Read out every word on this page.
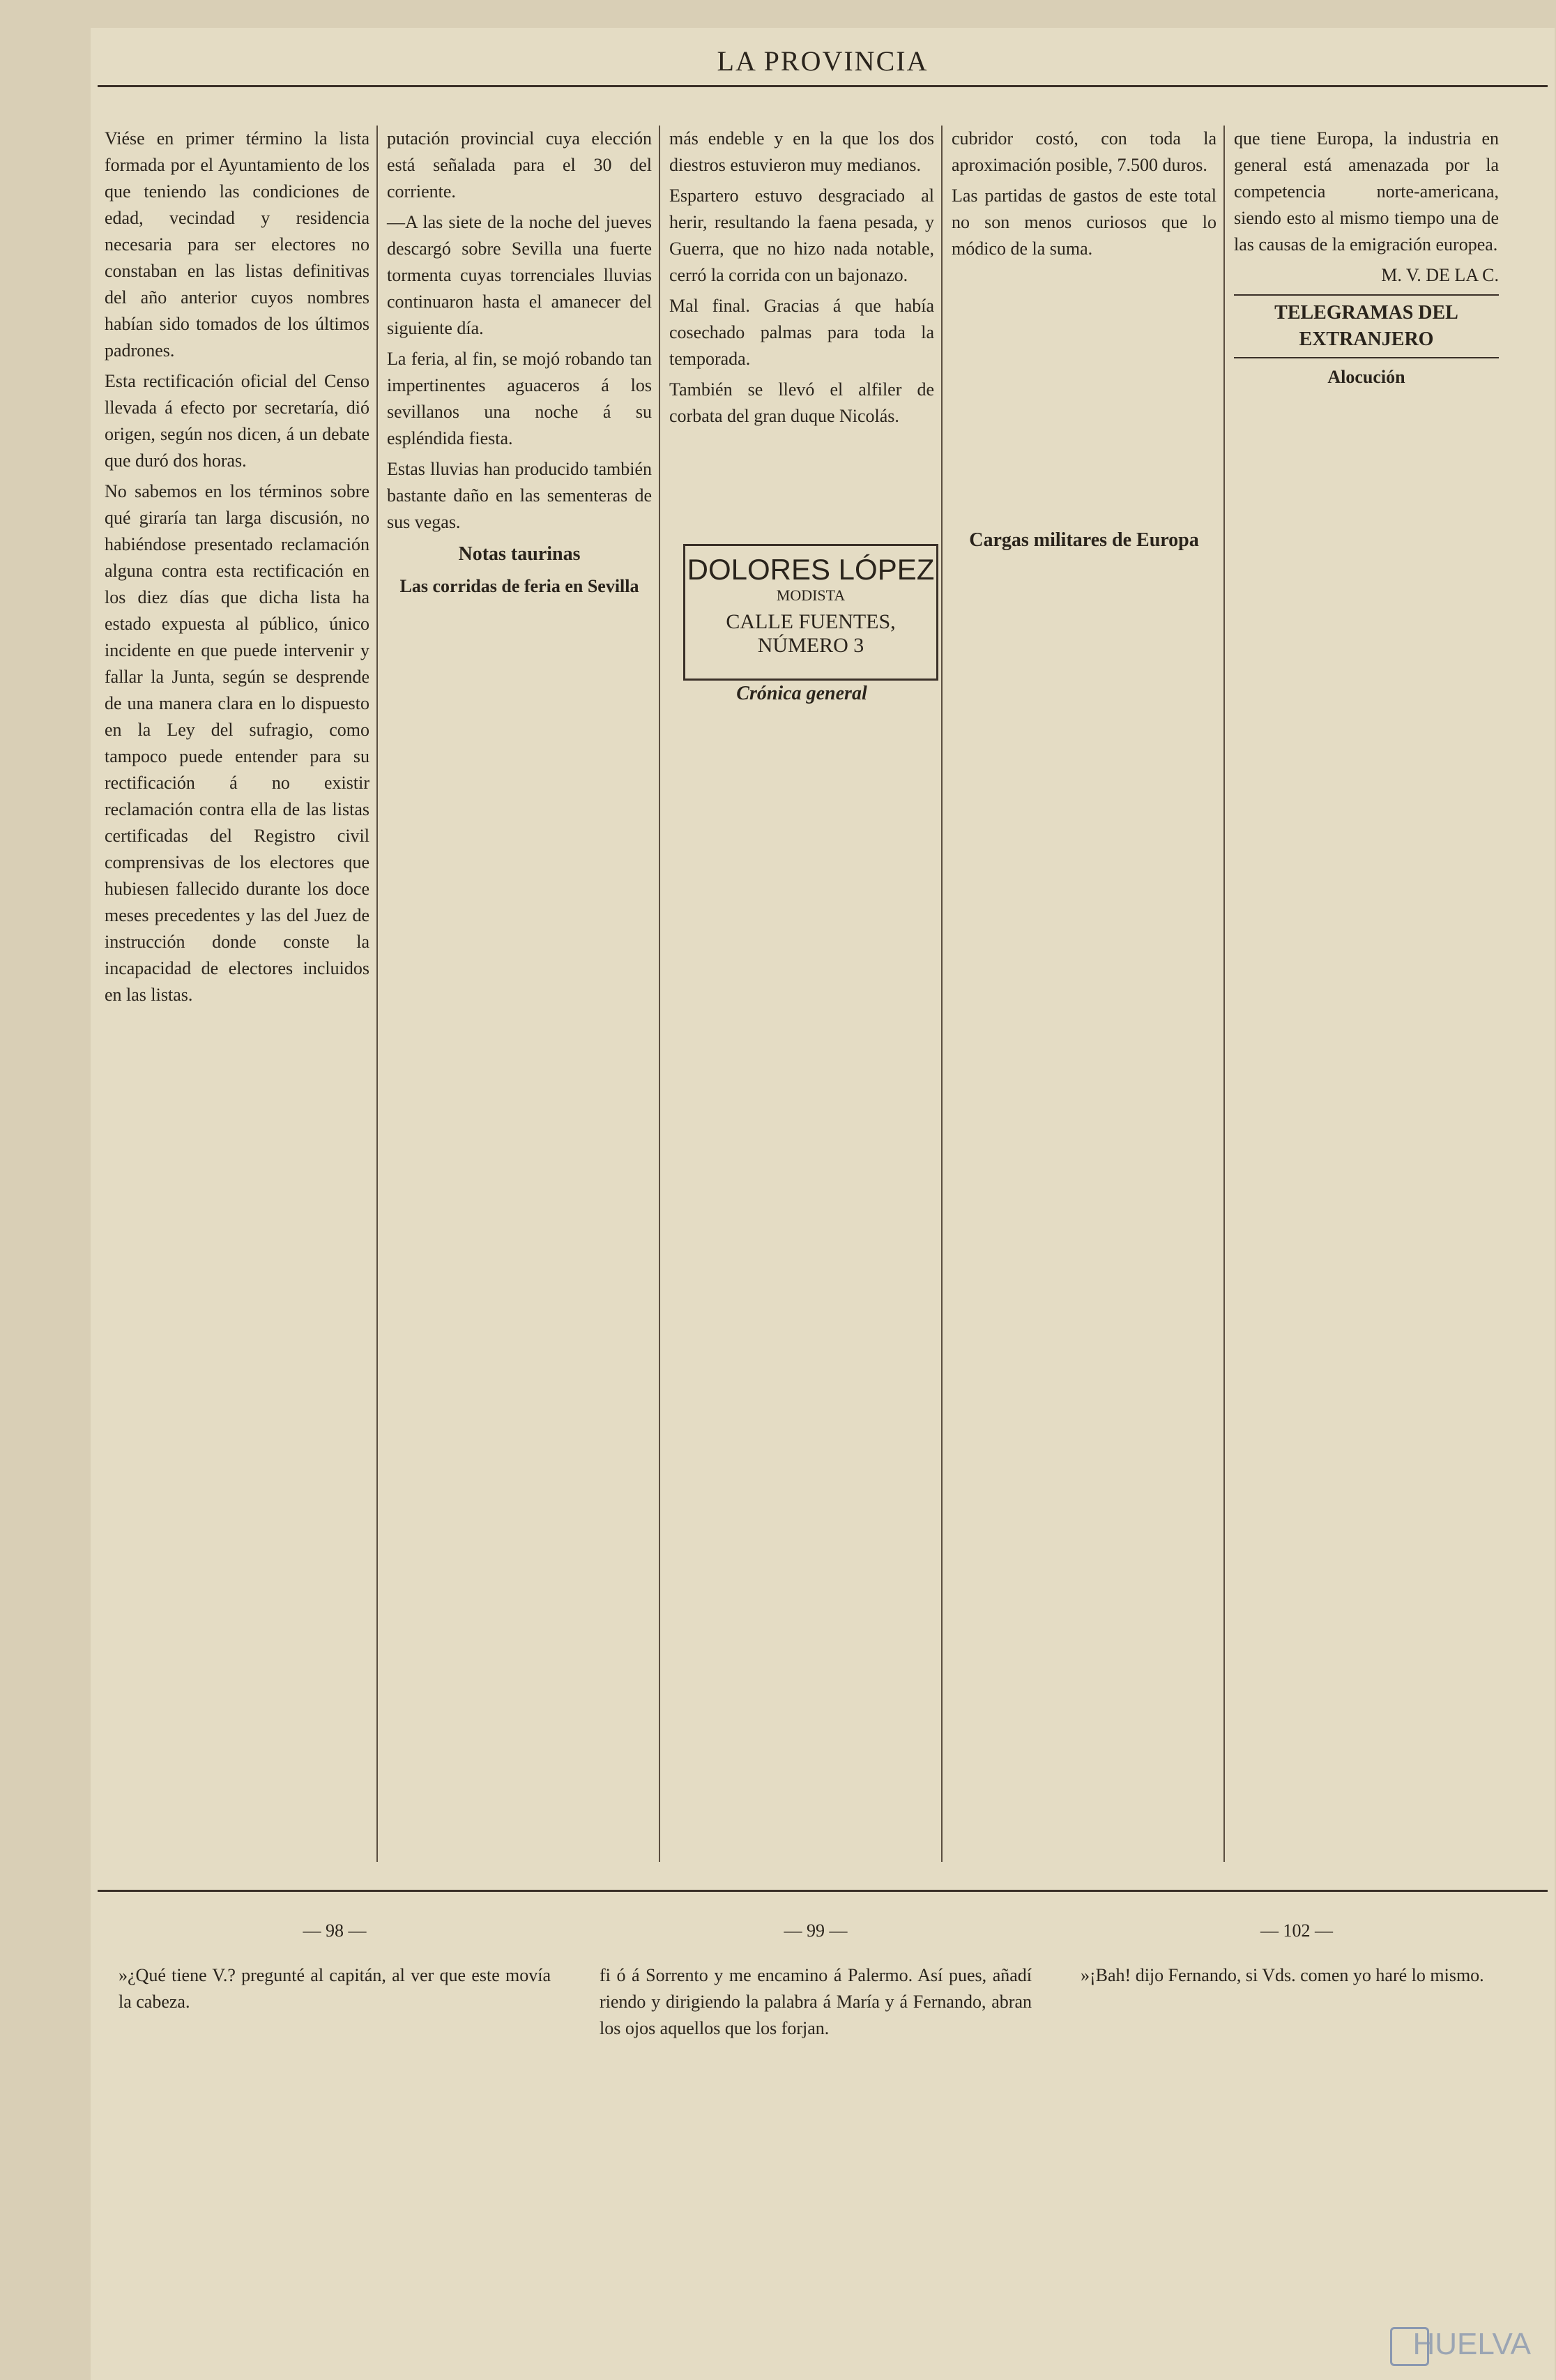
LA PROVINCIA

Viése en primer término la lista formada por el Ayuntamiento de los que teniendo las condiciones de edad, vecindad y residencia necesaria para ser electores no constaban en las listas definitivas del año anterior cuyos nombres habían sido tomados de los últimos padrones.

Esta rectificación oficial del Censo llevada á efecto por secretaría, dió origen, según nos dicen, á un debate que duró dos horas.

No sabemos en los términos sobre qué giraría tan larga discusión, no habiéndose presentado reclamación alguna contra esta rectificación en los diez días que dicha lista ha estado expuesta al público, único incidente en que puede intervenir y fallar la Junta, según se desprende de una manera clara en lo dispuesto en la Ley del sufragio, como tampoco puede entender para su rectificación á no existir reclamación contra ella de las listas certificadas del Registro civil comprensivas de los electores que hubiesen fallecido durante los doce meses precedentes y las del Juez de instrucción donde conste la incapacidad de electores incluidos en las listas.

putación provincial cuya elección está señalada para el 30 del corriente.

—A las siete de la noche del jueves descargó sobre Sevilla una fuerte tormenta cuyas torrenciales lluvias continuaron hasta el amanecer del siguiente día.

La feria, al fin, se mojó robando tan impertinentes aguaceros á los sevillanos una noche á su espléndida fiesta.

Estas lluvias han producido también bastante daño en las sementeras de sus vegas.

Notas taurinas

Las corridas de feria en Sevilla

más endeble y en la que los dos diestros estuvieron muy medianos.

Espartero estuvo desgraciado al herir, resultando la faena pesada, y Guerra, que no hizo nada notable, cerró la corrida con un bajonazo.

Mal final. Gracias á que había cosechado palmas para toda la temporada.

También se llevó el alfiler de corbata del gran duque Nicolás.

Crónica general
DOLORES LÓPEZ
MODISTA
CALLE FUENTES, NÚMERO 3

cubridor costó, con toda la aproximación posible, 7.500 duros.

Las partidas de gastos de este total no son menos curiosos que lo módico de la suma.

Cargas militares de Europa

que tiene Europa, la industria en general está amenazada por la competencia norte-americana, siendo esto al mismo tiempo una de las causas de la emigración europea.

M. V. DE LA C.

TELEGRAMAS DEL EXTRANJERO

Alocución

— 98 —

»¿Qué tiene V.? pregunté al capitán, al ver que este movía la cabeza.

— 99 —

fi ó á Sorrento y me encamino á Palermo. Así pues, añadí riendo y dirigiendo la palabra á María y á Fernando, abran los ojos aquellos que los forjan.

— 102 —

»¡Bah! dijo Fernando, si Vds. comen yo haré lo mismo.

HUELVA
